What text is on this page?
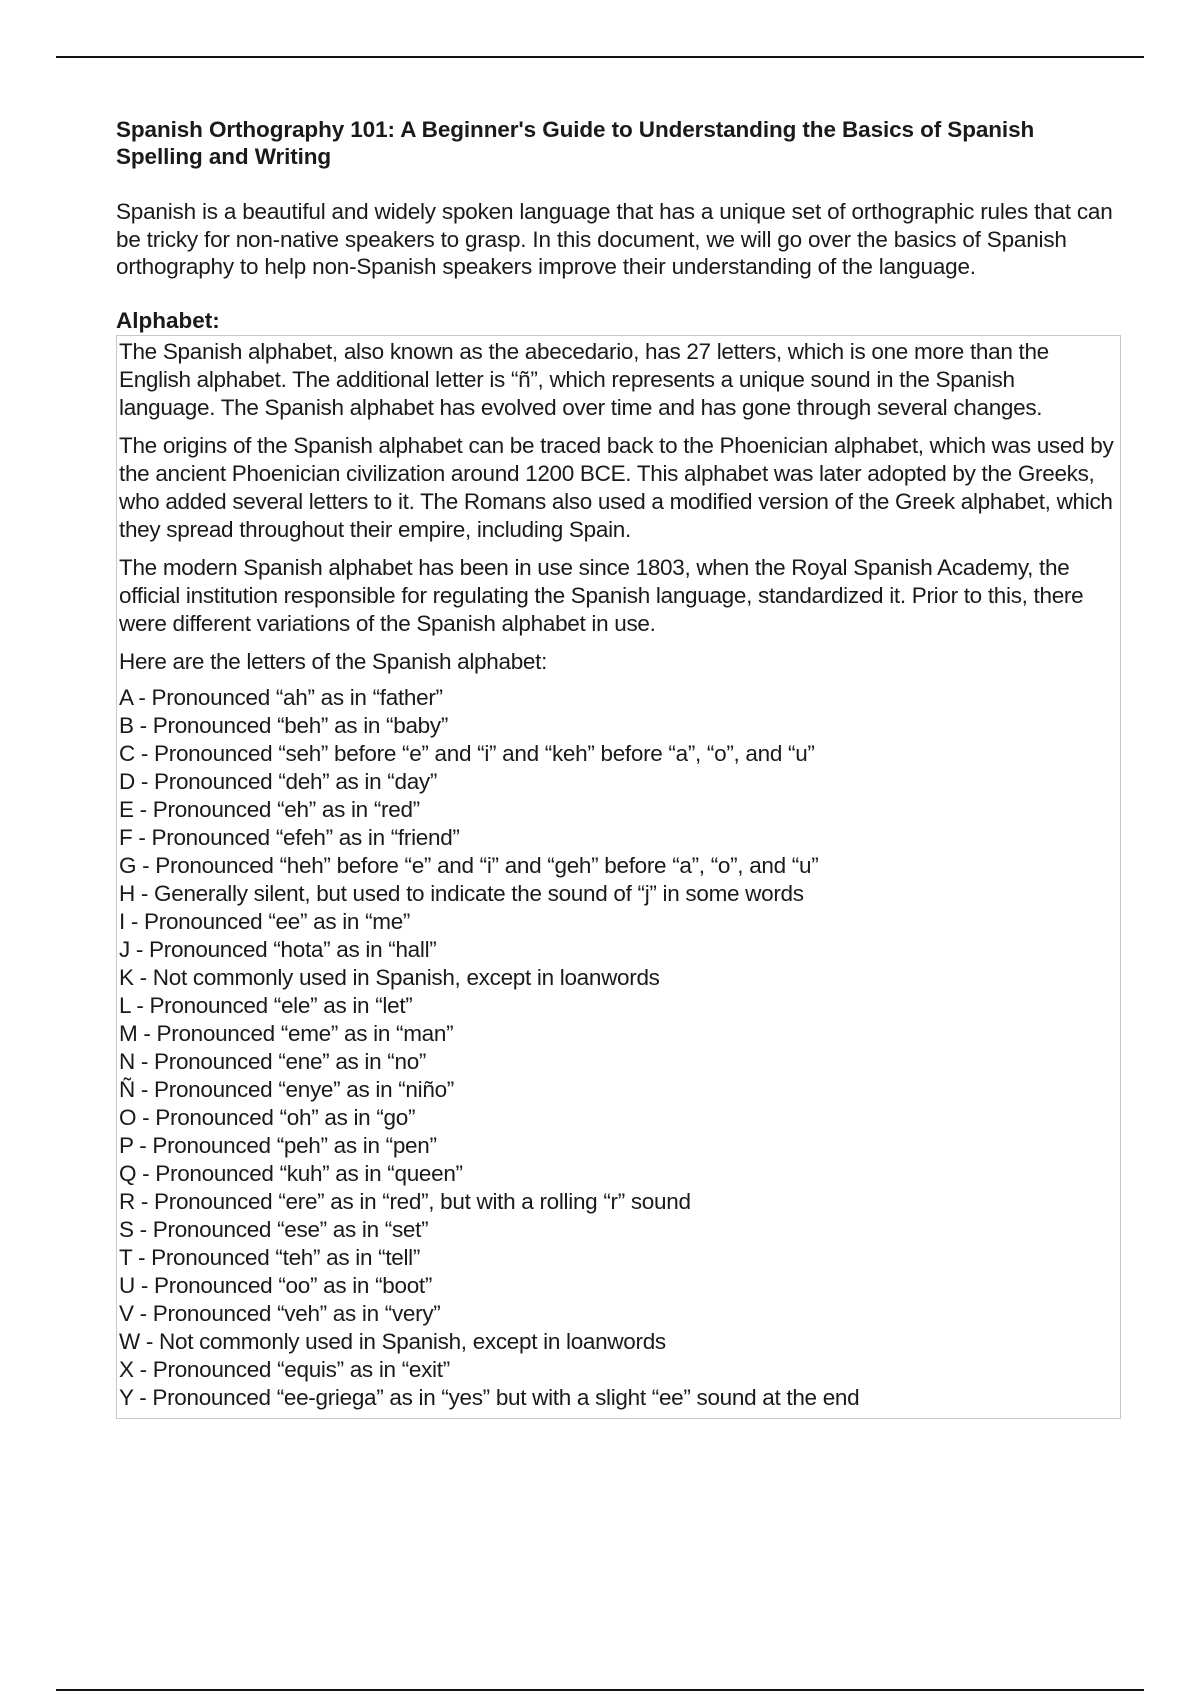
Spanish Orthography 101: A Beginner's Guide to Understanding the Basics of Spanish Spelling and Writing

Spanish is a beautiful and widely spoken language that has a unique set of orthographic rules that can be tricky for non-native speakers to grasp. In this document, we will go over the basics of Spanish orthography to help non-Spanish speakers improve their understanding of the language.

Alphabet:

The Spanish alphabet, also known as the abecedario, has 27 letters, which is one more than the English alphabet. The additional letter is “ñ”, which represents a unique sound in the Spanish language. The Spanish alphabet has evolved over time and has gone through several changes.

The origins of the Spanish alphabet can be traced back to the Phoenician alphabet, which was used by the ancient Phoenician civilization around 1200 BCE. This alphabet was later adopted by the Greeks, who added several letters to it. The Romans also used a modified version of the Greek alphabet, which they spread throughout their empire, including Spain.

The modern Spanish alphabet has been in use since 1803, when the Royal Spanish Academy, the official institution responsible for regulating the Spanish language, standardized it. Prior to this, there were different variations of the Spanish alphabet in use.

Here are the letters of the Spanish alphabet:

A - Pronounced “ah” as in “father”
B - Pronounced “beh” as in “baby”
C - Pronounced “seh” before “e” and “i” and “keh” before “a”, “o”, and “u”
D - Pronounced “deh” as in “day”
E - Pronounced “eh” as in “red”
F - Pronounced “efeh” as in “friend”
G - Pronounced “heh” before “e” and “i” and “geh” before “a”, “o”, and “u”
H - Generally silent, but used to indicate the sound of “j” in some words
I - Pronounced “ee” as in “me”
J - Pronounced “hota” as in “hall”
K - Not commonly used in Spanish, except in loanwords
L - Pronounced “ele” as in “let”
M - Pronounced “eme” as in “man”
N - Pronounced “ene” as in “no”
Ñ - Pronounced “enye” as in “niño”
O - Pronounced “oh” as in “go”
P - Pronounced “peh” as in “pen”
Q - Pronounced “kuh” as in “queen”
R - Pronounced “ere” as in “red”, but with a rolling “r” sound
S - Pronounced “ese” as in “set”
T - Pronounced “teh” as in “tell”
U - Pronounced “oo” as in “boot”
V - Pronounced “veh” as in “very”
W - Not commonly used in Spanish, except in loanwords
X - Pronounced “equis” as in “exit”
Y - Pronounced “ee-griega” as in “yes” but with a slight “ee” sound at the end
